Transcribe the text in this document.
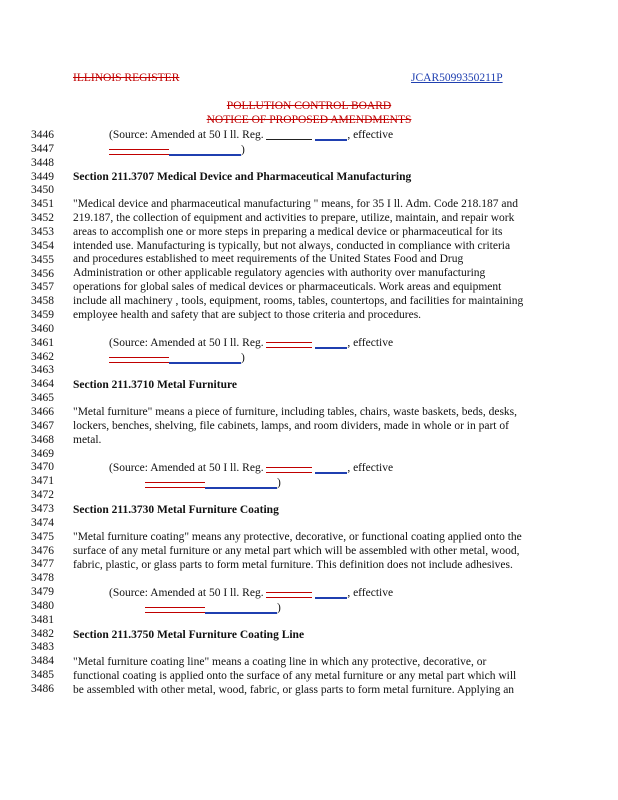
ILLINOIS REGISTER	JCAR5099350211P
POLLUTION CONTROL BOARD
NOTICE OF PROPOSED AMENDMENTS
3446
3447
3448
3449
3450
3451
3452
3453
3454
3455
3456
3457
3458
3459
3460
3461
3462
3463
3464
3465
3466
3467
3468
3469
3470
3471
3472
3473
3474
3475
3476
3477
3478
3479
3480
3481
3482
3483
3484
3485
3486
(Source: Amended at 50 I ll. Reg.	, effective
)
Section 211.3707 Medical Device and Pharmaceutical Manufacturing
"Medical device and pharmaceutical manufacturing " means, for 35 I ll. Adm. Code 218.187 and
219.187, the collection of equipment and activities to prepare, utilize, maintain, and repair work
areas to accomplish one or more steps in preparing a medical device or pharmaceutical for its
intended use. Manufacturing is typically, but not always, conducted in compliance with criteria
and procedures established to meet requirements of the United States Food and Drug
Administration or other applicable regulatory agencies with authority over manufacturing
operations for global sales of medical devices or pharmaceuticals. Work areas and equipment
include all machinery , tools, equipment, rooms, tables, countertops, and facilities for maintaining
employee health and safety that are subject to those criteria and procedures.
(Source: Amended at 50 I ll. Reg.	, effective
)
Section 211.3710 Metal Furniture
"Metal furniture" means a piece of furniture, including tables, chairs, waste baskets, beds, desks,
lockers, benches, shelving, file cabinets, lamps, and room dividers, made in whole or in part of
metal.
(Source: Amended at 50 I ll. Reg.	, effective
)
Section 211.3730 Metal Furniture Coating
"Metal furniture coating" means any protective, decorative, or functional coating applied onto the
surface of any metal furniture or any metal part which will be assembled with other metal, wood,
fabric, plastic, or glass parts to form metal furniture. This definition does not include adhesives.
(Source: Amended at 50 I ll. Reg.	, effective
)
Section 211.3750 Metal Furniture Coating Line
"Metal furniture coating line" means a coating line in which any protective, decorative, or
functional coating is applied onto the surface of any metal furniture or any metal part which will
be assembled with other metal, wood, fabric, or glass parts to form metal furniture. Applying an
